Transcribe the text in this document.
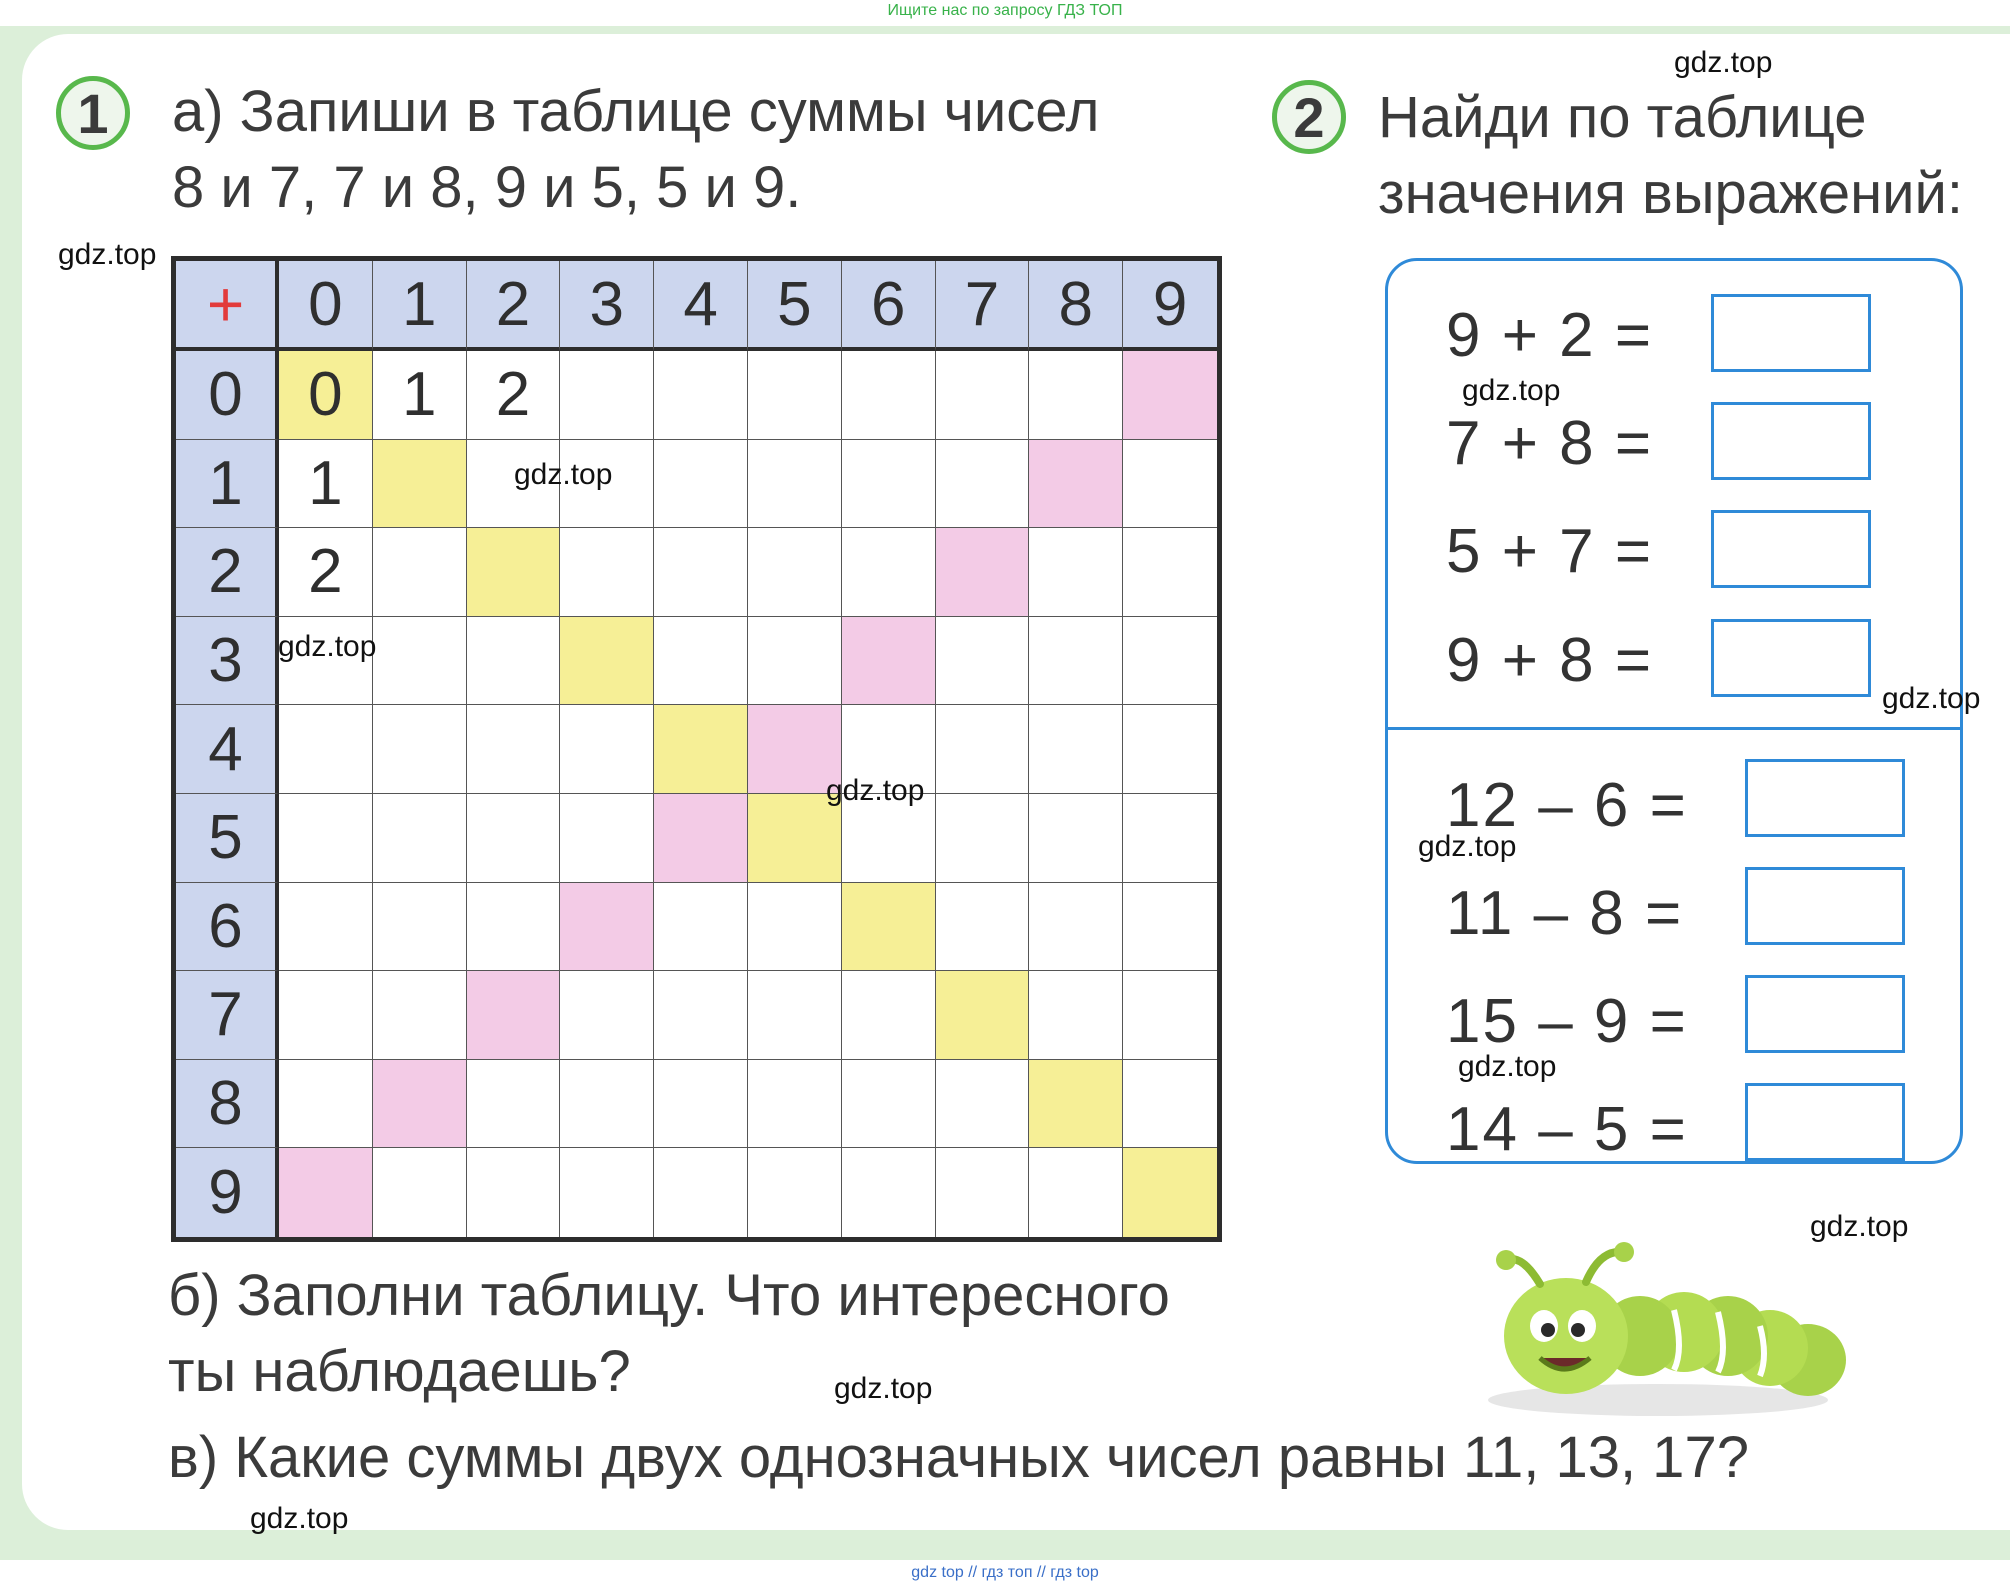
Ищите нас по запросу ГДЗ ТОП
1	а) Запиши в таблице суммы чисел
8 и 7, 7 и 8, 9 и 5, 5 и 9.
2 Найди по таблице
значения выражений:
+	0 1 2 3 4 5 6 7 8 9
0	0 1 2
1	1
2	2
3
4
5
6
7
8
9
9 + 2 =
7 + 8 =
5 + 7 =
9 + 8 =
12 – 6 =
11 – 8 =
15 – 9 =
14 – 5 =
б) Заполни таблицу. Что интересного
ты наблюдаешь?
в) Какие суммы двух однозначных чисел равны 11, 13, 17?
gdz.top
gdz.top
gdz.top
gdz.top
gdz.top
gdz.top
gdz.top
gdz.top
gdz.top
gdz.top
gdz.top
gdz.top
gdz top // гдз топ // гдз top
